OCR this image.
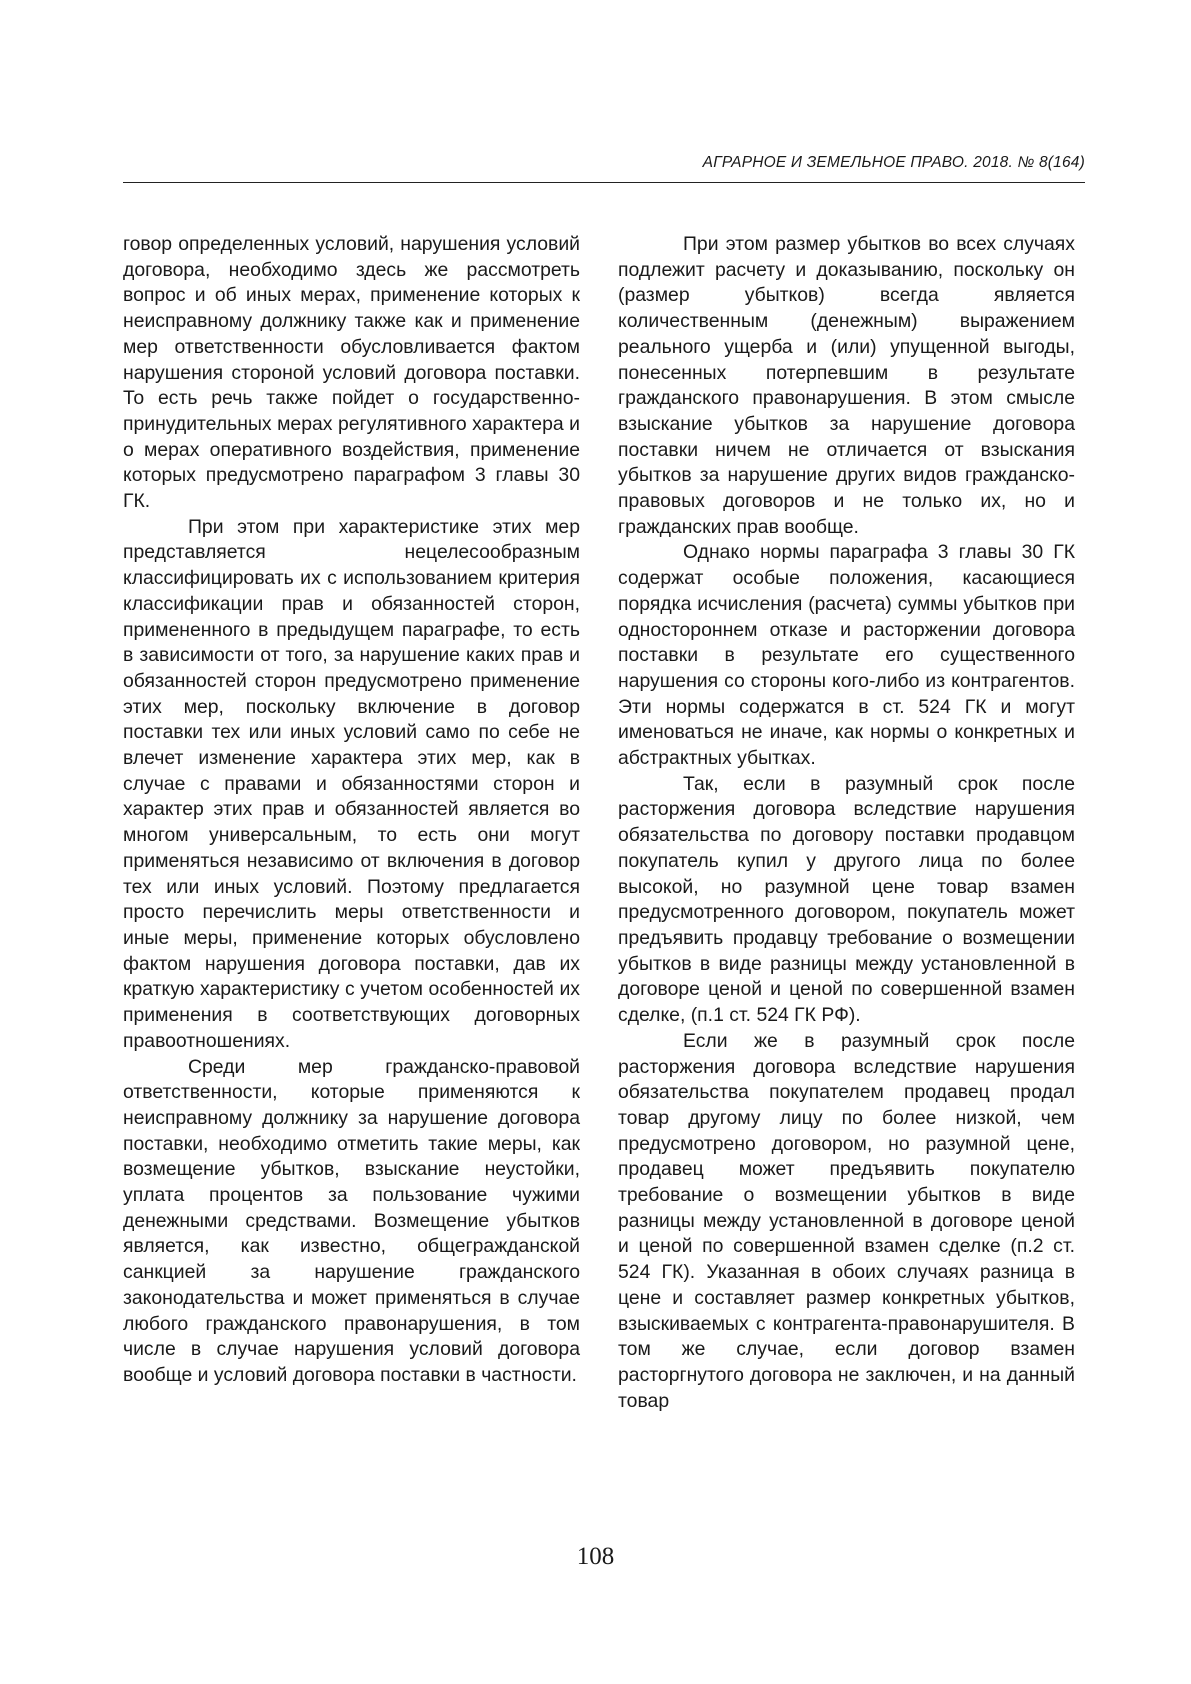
АГРАРНОЕ И ЗЕМЕЛЬНОЕ ПРАВО. 2018. № 8(164)

говор определенных условий, нарушения условий договора, необходимо здесь же рассмотреть вопрос и об иных мерах, применение которых к неисправному должнику также как и применение мер ответственности обусловливается фактом нарушения стороной условий договора поставки. То есть речь также пойдет о государственно-принудительных мерах регулятивного характера и о мерах оперативного воздействия, применение которых предусмотрено параграфом 3 главы 30 ГК.

При этом при характеристике этих мер представляется нецелесообразным классифицировать их с использованием критерия классификации прав и обязанностей сторон, примененного в предыдущем параграфе, то есть в зависимости от того, за нарушение каких прав и обязанностей сторон предусмотрено применение этих мер, поскольку включение в договор поставки тех или иных условий само по себе не влечет изменение характера этих мер, как в случае с правами и обязанностями сторон и характер этих прав и обязанностей является во многом универсальным, то есть они могут применяться независимо от включения в договор тех или иных условий. Поэтому предлагается просто перечислить меры ответственности и иные меры, применение которых обусловлено фактом нарушения договора поставки, дав их краткую характеристику с учетом особенностей их применения в соответствующих договорных правоотношениях.

Среди мер гражданско-правовой ответственности, которые применяются к неисправному должнику за нарушение договора поставки, необходимо отметить такие меры, как возмещение убытков, взыскание неустойки, уплата процентов за пользование чужими денежными средствами. Возмещение убытков является, как известно, общегражданской санкцией за нарушение гражданского законодательства и может применяться в случае любого гражданского правонарушения, в том числе в случае нарушения условий договора вообще и условий договора поставки в частности.

При этом размер убытков во всех случаях подлежит расчету и доказыванию, поскольку он (размер убытков) всегда является количественным (денежным) выражением реального ущерба и (или) упущенной выгоды, понесенных потерпевшим в результате гражданского правонарушения. В этом смысле взыскание убытков за нарушение договора поставки ничем не отличается от взыскания убытков за нарушение других видов гражданско-правовых договоров и не только их, но и гражданских прав вообще.

Однако нормы параграфа 3 главы 30 ГК содержат особые положения, касающиеся порядка исчисления (расчета) суммы убытков при одностороннем отказе и расторжении договора поставки в результате его существенного нарушения со стороны кого-либо из контрагентов. Эти нормы содержатся в ст. 524 ГК и могут именоваться не иначе, как нормы о конкретных и абстрактных убытках.

Так, если в разумный срок после расторжения договора вследствие нарушения обязательства по договору поставки продавцом покупатель купил у другого лица по более высокой, но разумной цене товар взамен предусмотренного договором, покупатель может предъявить продавцу требование о возмещении убытков в виде разницы между установленной в договоре ценой и ценой по совершенной взамен сделке, (п.1 ст. 524 ГК РФ).

Если же в разумный срок после расторжения договора вследствие нарушения обязательства покупателем продавец продал товар другому лицу по более низкой, чем предусмотрено договором, но разумной цене, продавец может предъявить покупателю требование о возмещении убытков в виде разницы между установленной в договоре ценой и ценой по совершенной взамен сделке (п.2 ст. 524 ГК). Указанная в обоих случаях разница в цене и составляет размер конкретных убытков, взыскиваемых с контрагента-правонарушителя. В том же случае, если договор взамен расторгнутого договора не заключен, и на данный товар

108
